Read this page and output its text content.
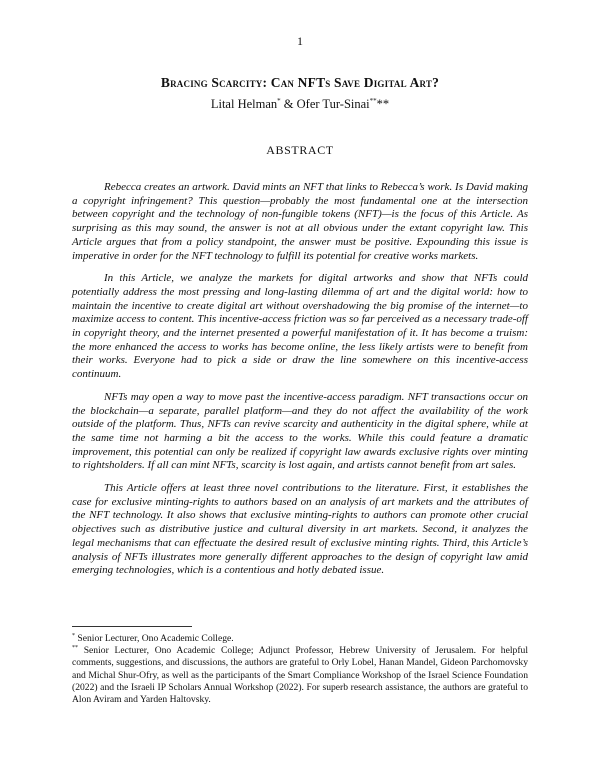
1
Bracing Scarcity: Can NFTs Save Digital Art?
Lital Helman* & Ofer Tur-Sinai****
ABSTRACT

Rebecca creates an artwork. David mints an NFT that links to Rebecca’s work. Is David making a copyright infringement? This question—probably the most fundamental one at the intersection between copyright and the technology of non-fungible tokens (NFT)—is the focus of this Article. As surprising as this may sound, the answer is not at all obvious under the extant copyright law. This Article argues that from a policy standpoint, the answer must be positive. Expounding this issue is imperative in order for the NFT technology to fulfill its potential for creative works markets.

In this Article, we analyze the markets for digital artworks and show that NFTs could potentially address the most pressing and long-lasting dilemma of art and the digital world: how to maintain the incentive to create digital art without overshadowing the big promise of the internet—to maximize access to content. This incentive-access friction was so far perceived as a necessary trade-off in copyright theory, and the internet presented a powerful manifestation of it. It has become a truism: the more enhanced the access to works has become online, the less likely artists were to benefit from their works. Everyone had to pick a side or draw the line somewhere on this incentive-access continuum.

NFTs may open a way to move past the incentive-access paradigm. NFT transactions occur on the blockchain—a separate, parallel platform—and they do not affect the availability of the work outside of the platform. Thus, NFTs can revive scarcity and authenticity in the digital sphere, while at the same time not harming a bit the access to the works. While this could feature a dramatic improvement, this potential can only be realized if copyright law awards exclusive rights over minting to rightsholders. If all can mint NFTs, scarcity is lost again, and artists cannot benefit from art sales.

This Article offers at least three novel contributions to the literature. First, it establishes the case for exclusive minting-rights to authors based on an analysis of art markets and the attributes of the NFT technology. It also shows that exclusive minting-rights to authors can promote other crucial objectives such as distributive justice and cultural diversity in art markets. Second, it analyzes the legal mechanisms that can effectuate the desired result of exclusive minting rights. Third, this Article’s analysis of NFTs illustrates more generally different approaches to the design of copyright law amid emerging technologies, which is a contentious and hotly debated issue.

* Senior Lecturer, Ono Academic College.

** Senior Lecturer, Ono Academic College; Adjunct Professor, Hebrew University of Jerusalem. For helpful comments, suggestions, and discussions, the authors are grateful to Orly Lobel, Hanan Mandel, Gideon Parchomovsky and Michal Shur-Ofry, as well as the participants of the Smart Compliance Workshop of the Israel Science Foundation (2022) and the Israeli IP Scholars Annual Workshop (2022). For superb research assistance, the authors are grateful to Alon Aviram and Yarden Haltovsky.
